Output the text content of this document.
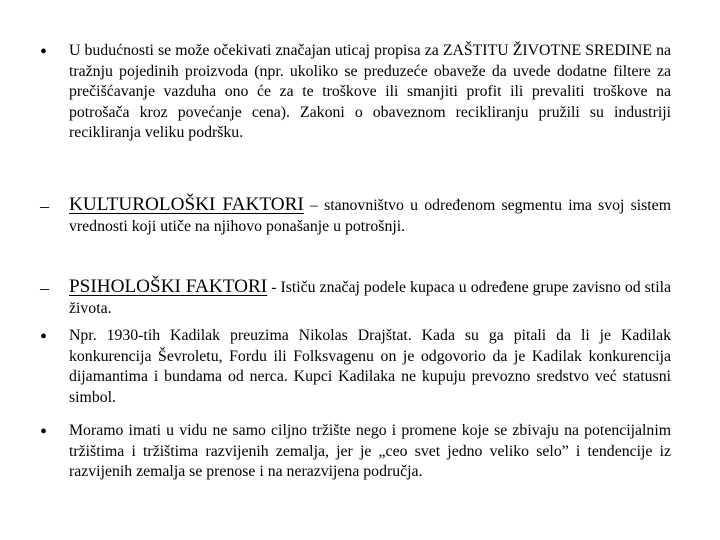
•	U budućnosti se može očekivati značajan uticaj propisa za ZAŠTITU ŽIVOTNE SREDINE na tražnju pojedinih proizvoda (npr. ukoliko se preduzeće obaveže da uvede dodatne filtere za prečišćavanje vazduha ono će za te troškove ili smanjiti profit ili prevaliti troškove na potrošača kroz povećanje cena). Zakoni o obaveznom recikliranju pružili su industriji recikliranja veliku podršku.
–	KULTUROLOŠKI FAKTORI – stanovništvo u određenom segmentu ima svoj sistem vrednosti koji utiče na njihovo ponašanje u potrošnji.
–	PSIHOLOŠKI FAKTORI - Ističu značaj podele kupaca u određene grupe zavisno od stila života.
•	Npr. 1930-tih Kadilak preuzima Nikolas Drajštat. Kada su ga pitali da li je Kadilak konkurencija Ševroletu, Fordu ili Folksvagenu on je odgovorio da je Kadilak konkurencija dijamantima i bundama od nerca. Kupci Kadilaka ne kupuju prevozno sredstvo već statusni simbol.
•	Moramo imati u vidu ne samo ciljno tržište nego i promene koje se zbivaju na potencijalnim tržištima i tržištima razvijenih zemalja, jer je „ceo svet jedno veliko selo” i tendencije iz razvijenih zemalja se prenose i na nerazvijena područja.
